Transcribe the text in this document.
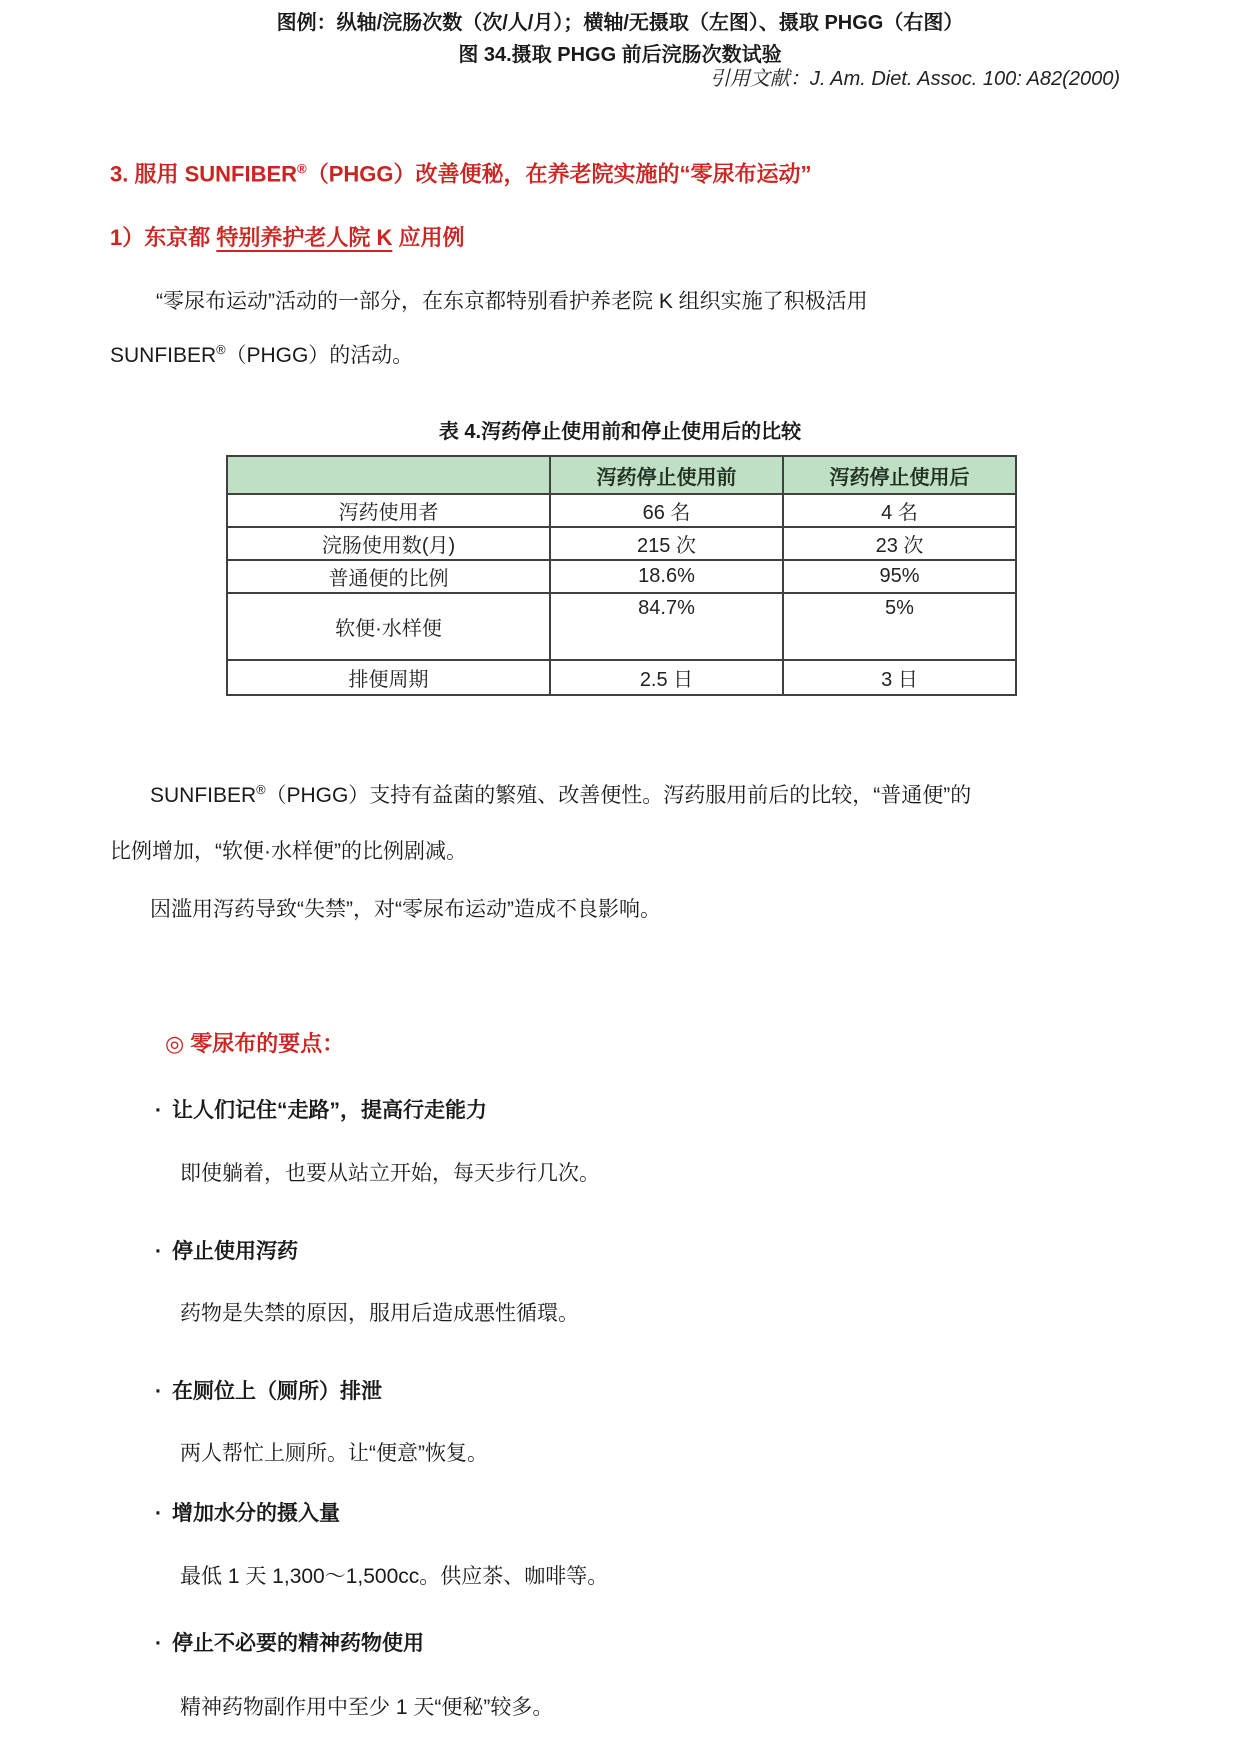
图例：纵轴/浣肠次数（次/人/月）；横轴/无摄取（左图）、摄取 PHGG（右图）
图 34.摄取 PHGG 前后浣肠次数试验
引用文献：J. Am. Diet. Assoc. 100: A82(2000)
3. 服用 SUNFIBER®（PHGG）改善便秘，在养老院实施的“零尿布运动”
1）东京都 特别养护老人院 K 应用例
“零尿布运动”活动的一部分，在东京都特别看护养老院 K 组织实施了积极活用
SUNFIBER®（PHGG）的活动。
表 4.泻药停止使用前和停止使用后的比较
	泻药停止使用前	泻药停止使用后
泻药使用者	66 名	4 名
浣肠使用数(月)	215 次	23 次
普通便的比例	18.6%	95%
软便·水样便	84.7%	5%
排便周期	2.5 日	3 日
SUNFIBER®（PHGG）支持有益菌的繁殖、改善便性。泻药服用前后的比较，“普通便”的
比例增加，“软便·水样便”的比例剧减。
因滥用泻药导致“失禁”，对“零尿布运动”造成不良影响。
◎ 零尿布的要点：
· 让人们记住“走路”，提高行走能力
即使躺着，也要从站立开始，每天步行几次。
· 停止使用泻药
药物是失禁的原因，服用后造成悪性循環。
· 在厕位上（厕所）排泄
两人帮忙上厕所。让“便意”恢复。
· 增加水分的摄入量
最低 1 天 1,300～1,500cc。供应茶、咖啡等。
· 停止不必要的精神药物使用
精神药物副作用中至少 1 天“便秘”较多。
